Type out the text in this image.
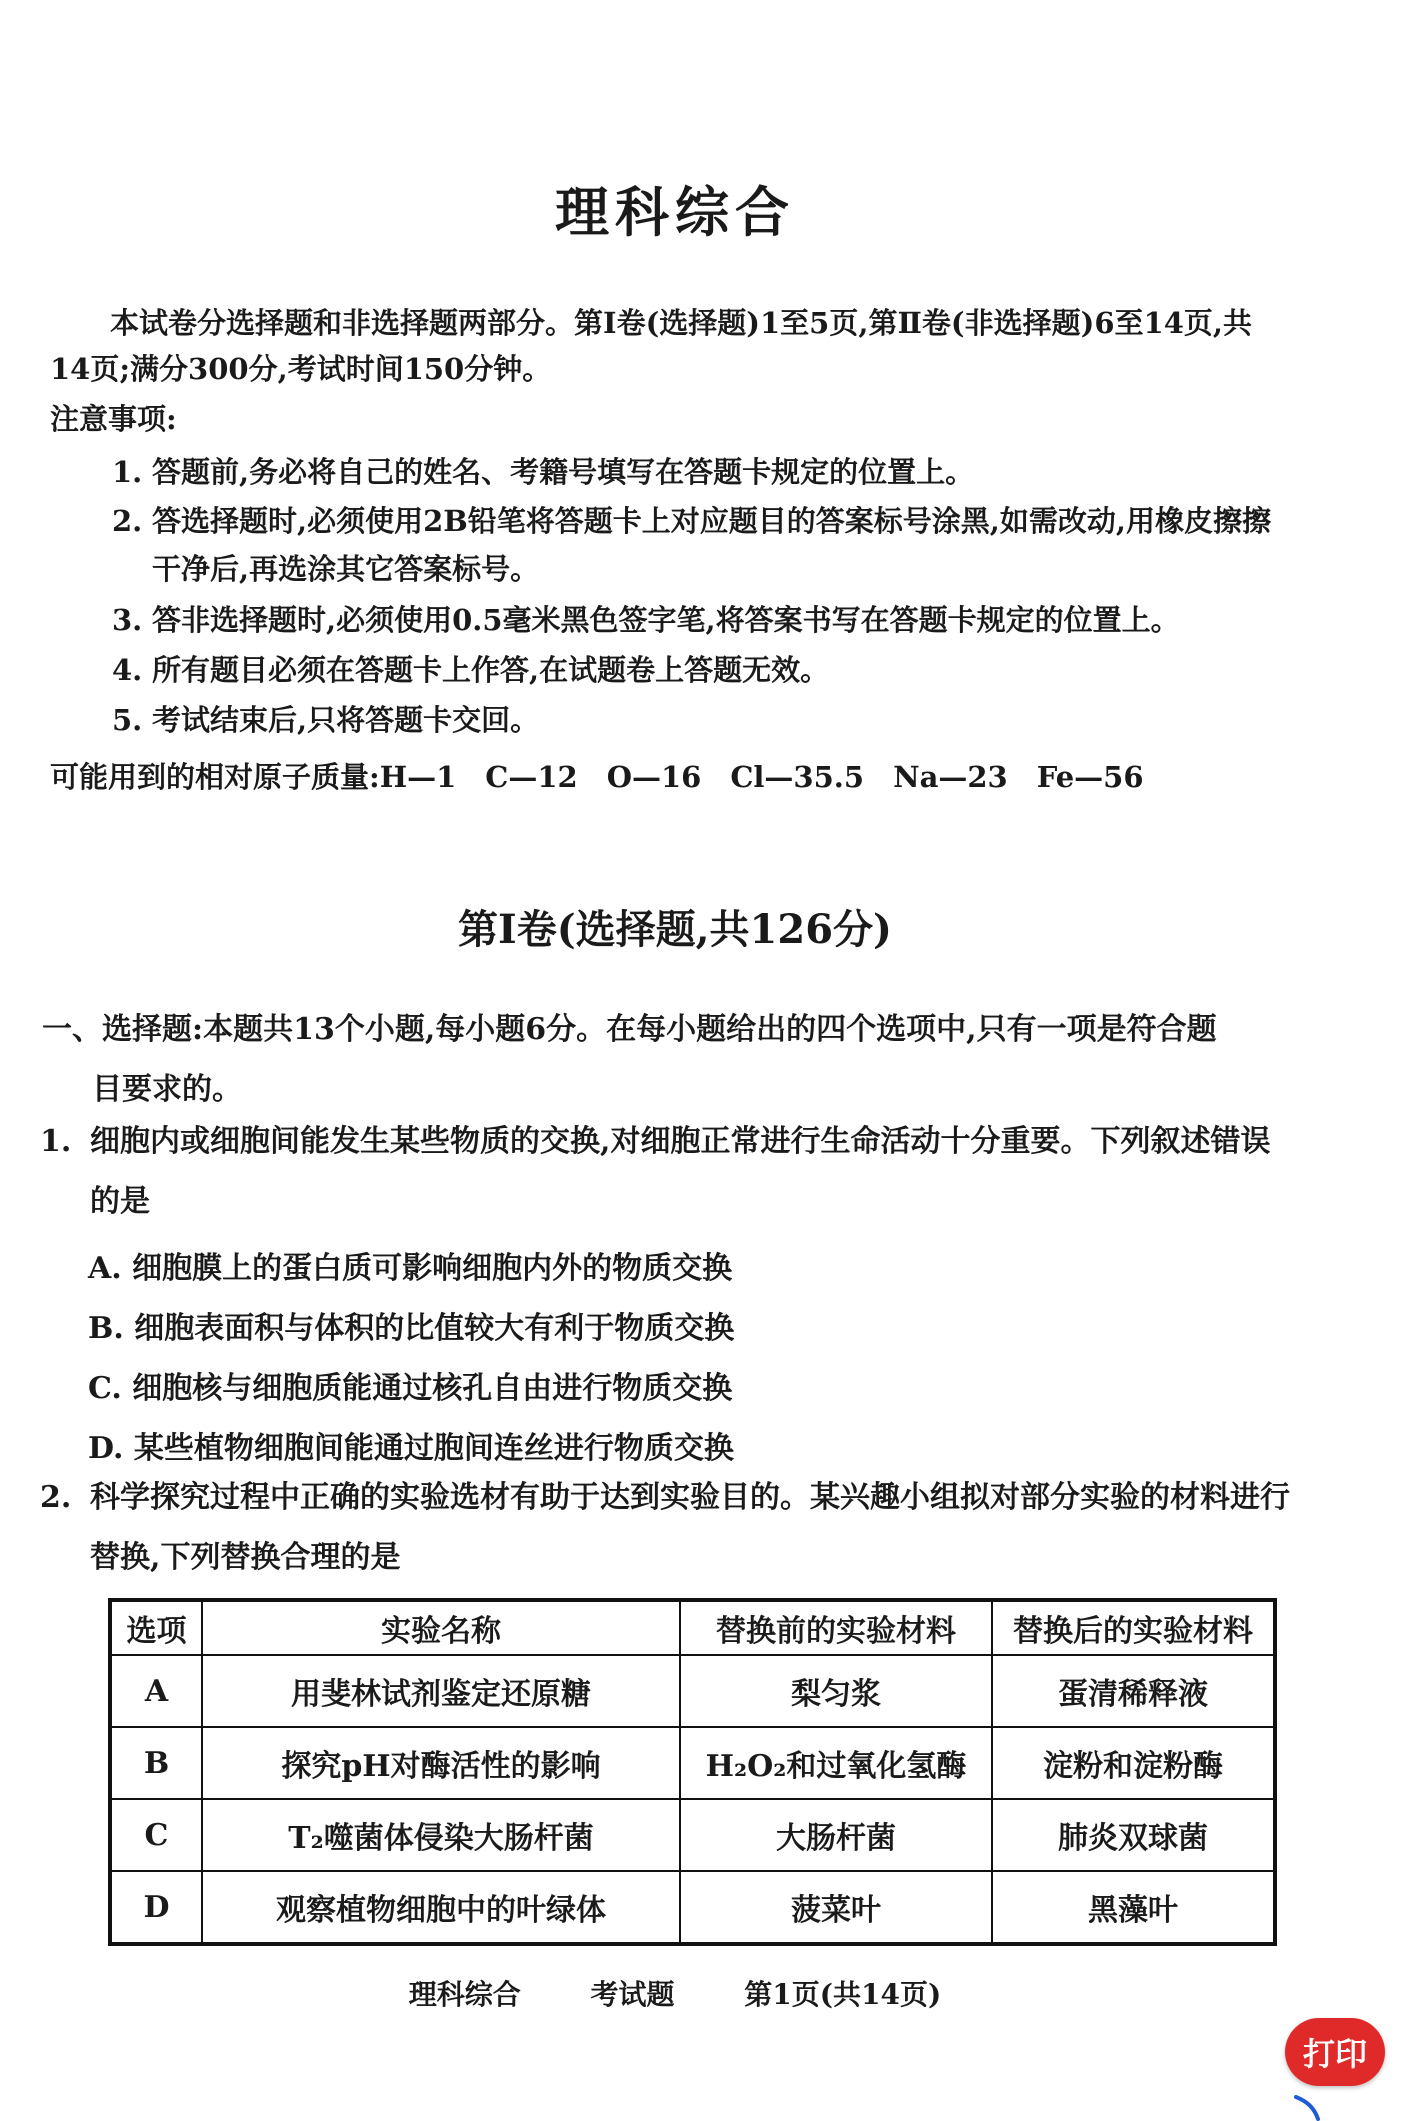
理科综合
本试卷分选择题和非选择题两部分。第Ⅰ卷(选择题)1至5页,第Ⅱ卷(非选择题)6至14页,共14页;满分300分,考试时间150分钟。
注意事项:
1. 答题前,务必将自己的姓名、考籍号填写在答题卡规定的位置上。
2. 答选择题时,必须使用2B铅笔将答题卡上对应题目的答案标号涂黑,如需改动,用橡皮擦擦干净后,再选涂其它答案标号。
3. 答非选择题时,必须使用0.5毫米黑色签字笔,将答案书写在答题卡规定的位置上。
4. 所有题目必须在答题卡上作答,在试题卷上答题无效。
5. 考试结束后,只将答题卡交回。
可能用到的相对原子质量:H—1　C—12　O—16　Cl—35.5　Na—23　Fe—56
第Ⅰ卷(选择题,共126分)
一、选择题:本题共13个小题,每小题6分。在每小题给出的四个选项中,只有一项是符合题
目要求的。
1. 细胞内或细胞间能发生某些物质的交换,对细胞正常进行生命活动十分重要。下列叙述错误的是
A. 细胞膜上的蛋白质可影响细胞内外的物质交换
B. 细胞表面积与体积的比值较大有利于物质交换
C. 细胞核与细胞质能通过核孔自由进行物质交换
D. 某些植物细胞间能通过胞间连丝进行物质交换
2. 科学探究过程中正确的实验选材有助于达到实验目的。某兴趣小组拟对部分实验的材料进行替换,下列替换合理的是
选项	实验名称	替换前的实验材料	替换后的实验材料
A	用斐林试剂鉴定还原糖	梨匀浆	蛋清稀释液
B	探究pH对酶活性的影响	H₂O₂和过氧化氢酶	淀粉和淀粉酶
C	T₂噬菌体侵染大肠杆菌	大肠杆菌	肺炎双球菌
D	观察植物细胞中的叶绿体	菠菜叶	黑藻叶
理科综合 考试题 第1页(共14页)
打印
